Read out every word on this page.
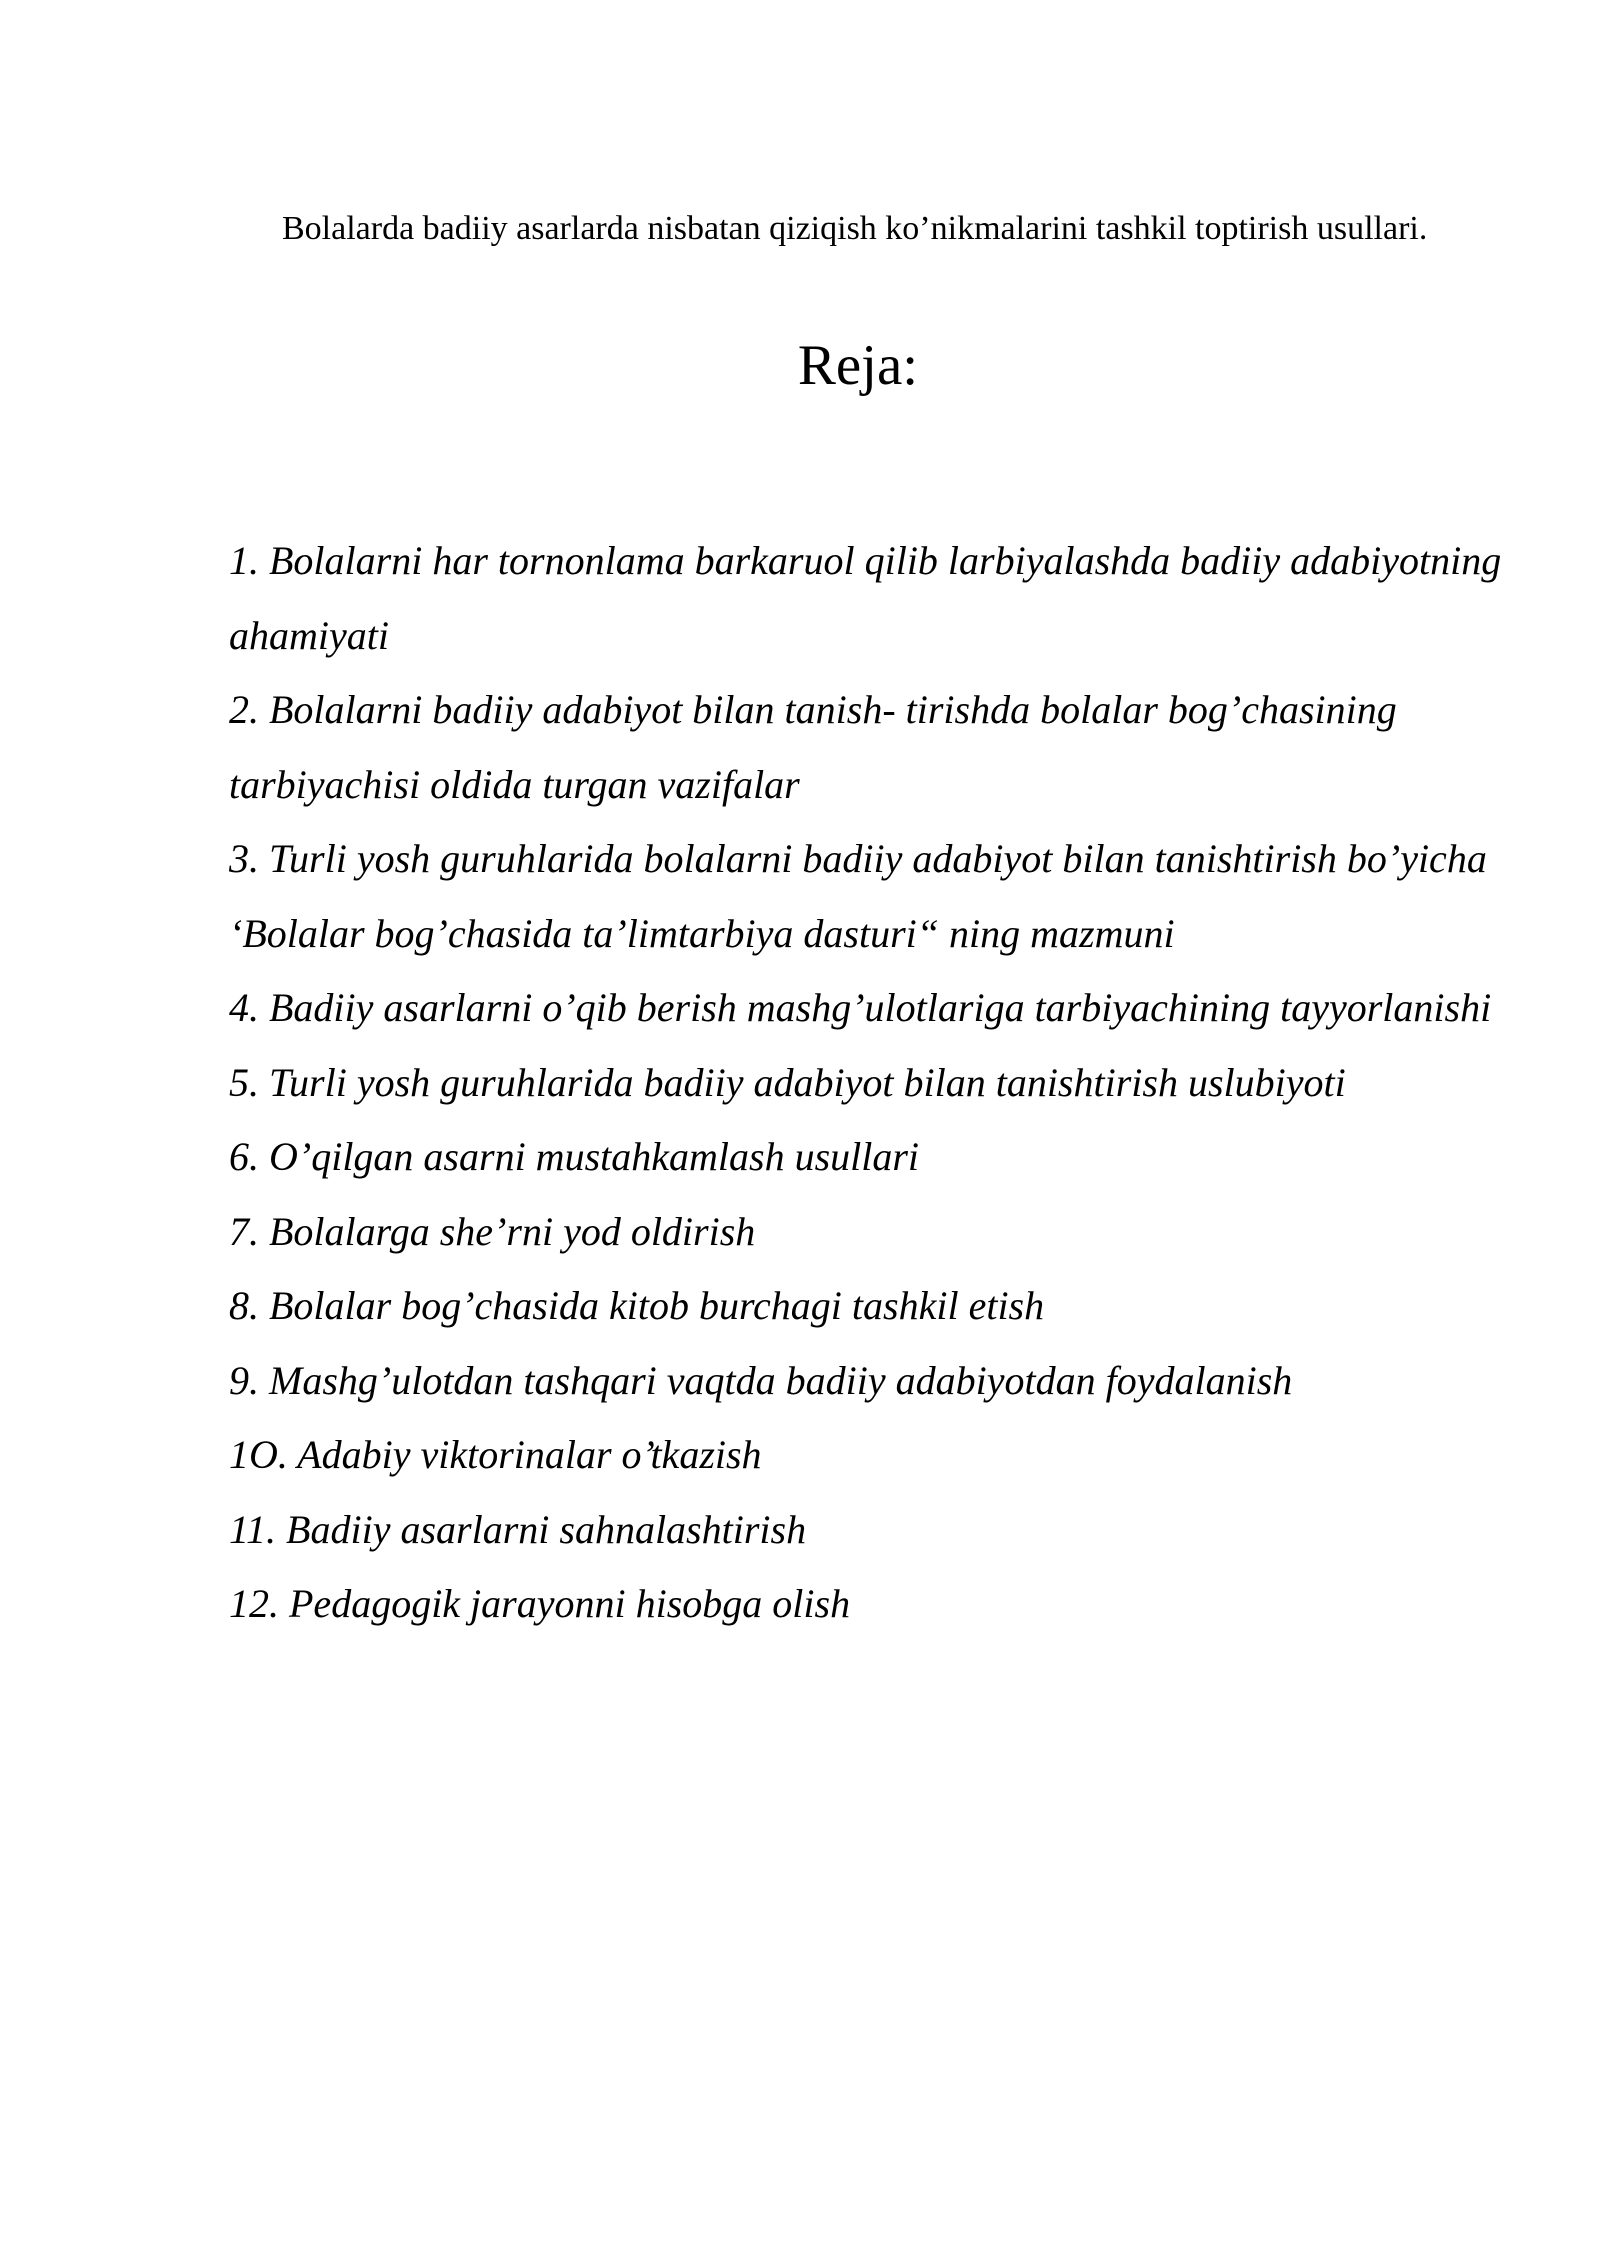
Bolalarda badiiy asarlarda nisbatan qiziqish ko’nikmalarini tashkil toptirish usullari.

Reja:
1. Bolalarni har tornonlama barkaruol qilib larbiyalashda badiiy adabiyotning ahamiyati
2. Bolalarni badiiy adabiyot bilan tanish- tirishda bolalar bog’chasining tarbiyachisi oldida turgan vazifalar
3. Turli yosh guruhlarida bolalarni badiiy adabiyot bilan tanishtirish bo’yicha ‘Bolalar bog’chasida ta’limtarbiya dasturi“ ning mazmuni
4. Badiiy asarlarni o’qib berish mashg’ulotlariga tarbiyachining tayyorlanishi
5. Turli yosh guruhlarida badiiy adabiyot bilan tanishtirish uslubiyoti
6. O’qilgan asarni mustahkamlash usullari
7. Bolalarga she’rni yod oldirish
8. Bolalar bog’chasida kitob burchagi tashkil etish
9. Mashg’ulotdan tashqari vaqtda badiiy adabiyotdan foydalanish
1O. Adabiy viktorinalar o’tkazish
11. Badiiy asarlarni sahnalashtirish
12. Pedagogik jarayonni hisobga olish
